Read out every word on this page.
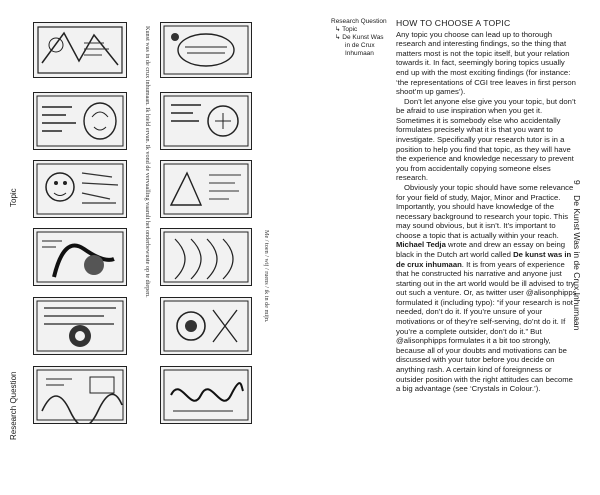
Topic
Research Question
Kunst was in de crux inhumaan. Ik hield ervan. Ik vond de vervaalling vaarult het onderbewuste op te diepen.	Me / toen / wij / ruens / ik in de mijn.
Research Question
↳ Topic
↳ De Kunst Was
in de Crux
Inhumaan
HOW TO CHOOSE A TOPIC

Any topic you choose can lead up to thorough research and interesting findings, so the thing that matters most is not the topic itself, but your relation towards it. In fact, seemingly boring topics usually end up with the most exciting findings (for instance: ‘the representations of CGI tree leaves in first person shoot’m up games’).

Don’t let anyone else give you your topic, but don’t be afraid to use inspiration when you get it. Sometimes it is somebody else who accidentally formulates precisely what it is that you want to investigate. Specifically your research tutor is in a position to help you find that topic, as they will have the experience and knowledge necessary to prevent you from accidentally copying someone elses research.

Obviously your topic should have some relevance for your field of study, Major, Minor and Practice. Importantly, you should have knowledge of the necessary background to research your topic. This may sound obvious, but it isn’t. It’s important to choose a topic that is actually within your reach. Michael Tedja wrote and drew an essay on being black in the Dutch art world called De kunst was in de crux inhumaan. It is from years of experience that he constructed his narrative and anyone just starting out in the art world would be ill advised to try out such a venture. Or, as twitter user @alisonphipps formulated it (including typo): “if your research is not needed, don’t do it. If you’re unsure of your motivations or of they’re self-serving, do’nt do it. If you’re a complete outsider, don’t do it.” But @alisonphipps formulates it a bit too strongly, because all of your doubts and motivations can be discussed with your tutor before you decide on anything rash. A certain kind of foreignness or outsider position with the right attitudes can become a big advantage (see ‘Crystals in Colour.’).

9 De Kunst Was in de Crux Inhumaan
